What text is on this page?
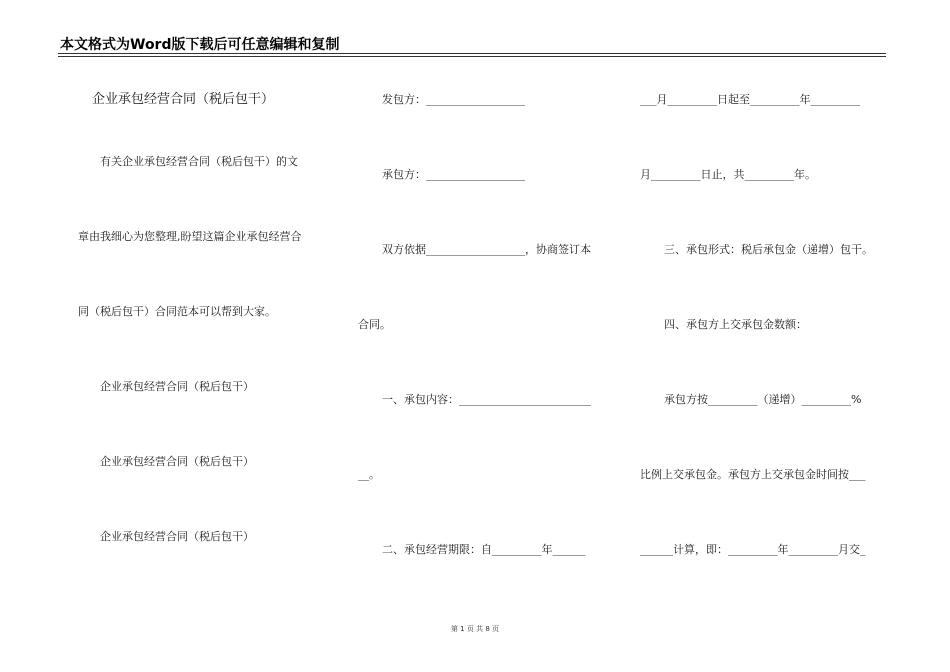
本文格式为Word版下载后可任意编辑和复制
企业承包经营合同（税后包干）
有关企业承包经营合同（税后包干）的文
章由我细心为您整理,盼望这篇企业承包经营合
同（税后包干）合同范本可以帮到大家。
企业承包经营合同（税后包干）
企业承包经营合同（税后包干）
企业承包经营合同（税后包干）
发包方：__________________
承包方：__________________
双方依据__________________，协商签订本
合同。
一、承包内容：________________________
__。
二、承包经营期限：自_________年______
___月_________日起至_________年_________
月_________日止，共_________年。
三、承包形式：税后承包金（递增）包干。
四、承包方上交承包金数额：
承包方按_________（递增）_________%
比例上交承包金。承包方上交承包金时间按___
______计算，即：_________年_________月交_
第 1 页 共 8 页
